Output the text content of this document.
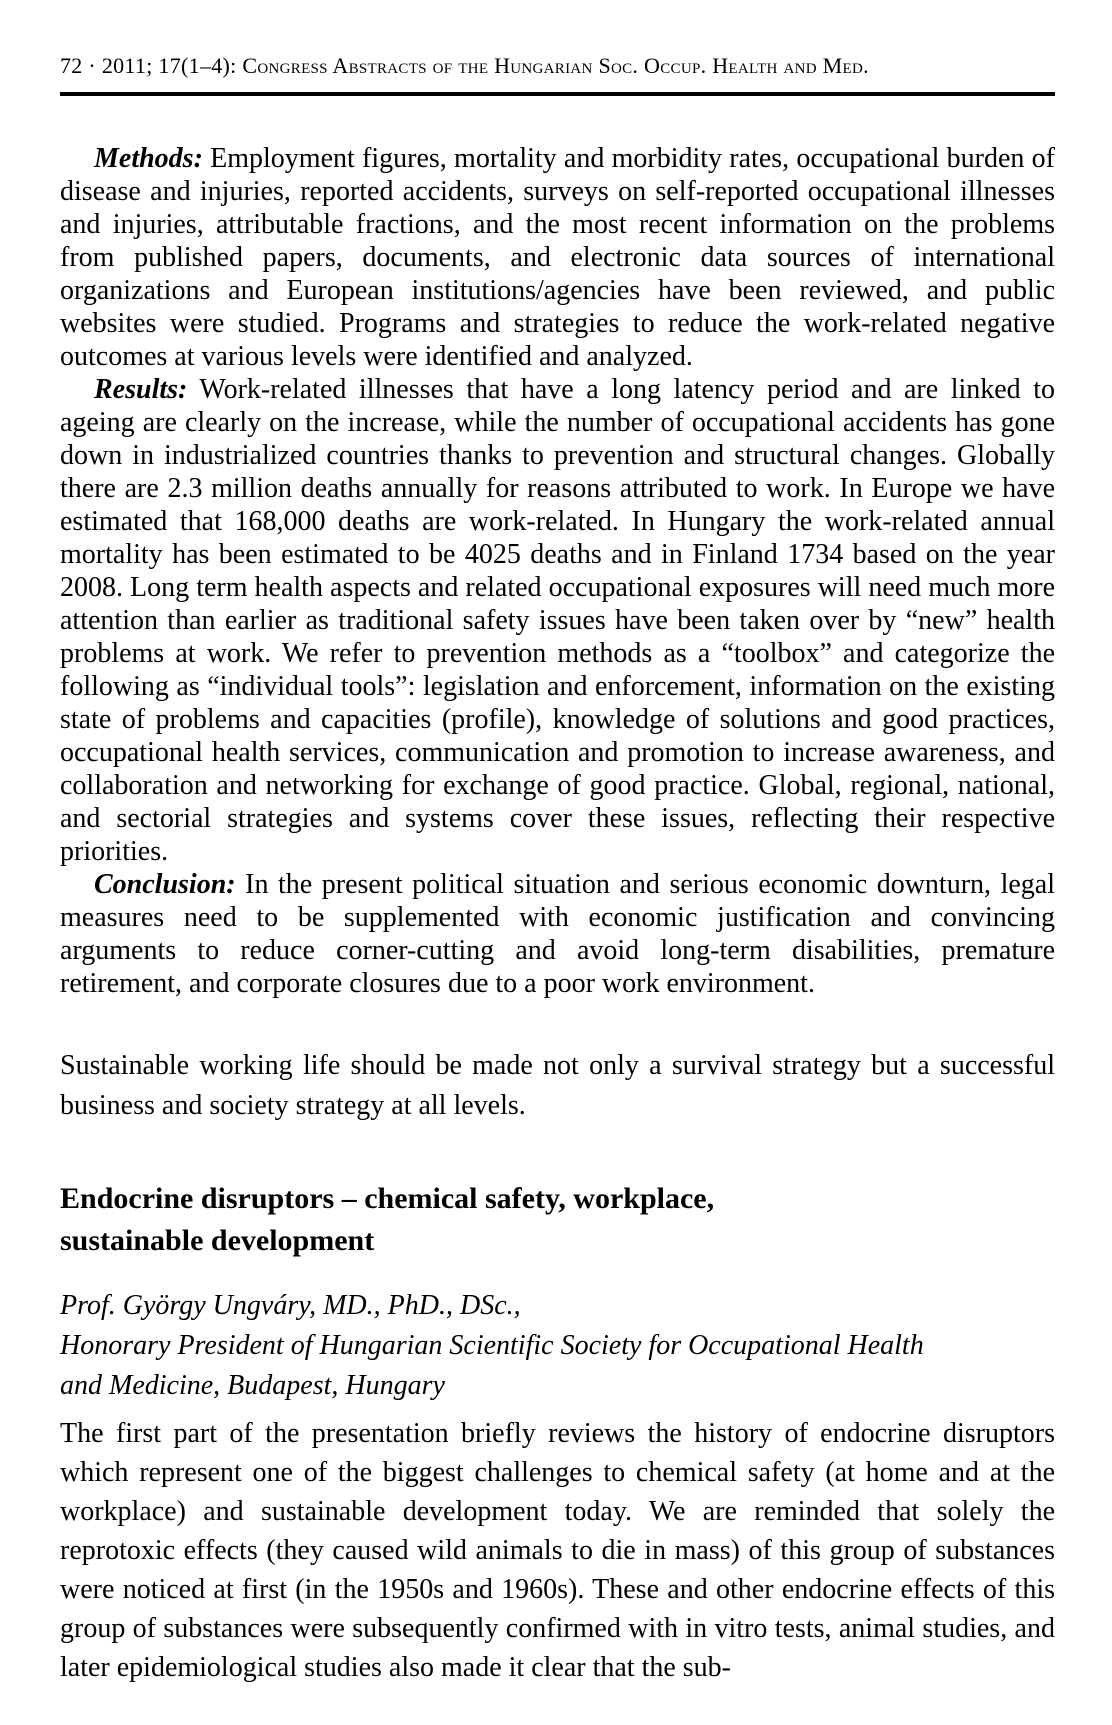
72 · 2011; 17(1–4): Congress Abstracts of the Hungarian Soc. Occup. Health and Med.

Methods: Employment figures, mortality and morbidity rates, occupational burden of disease and injuries, reported accidents, surveys on self-reported occupational illnesses and injuries, attributable fractions, and the most recent information on the problems from published papers, documents, and electronic data sources of international organizations and European institutions/agencies have been reviewed, and public websites were studied. Programs and strategies to reduce the work-related negative outcomes at various levels were identified and analyzed.

Results: Work-related illnesses that have a long latency period and are linked to ageing are clearly on the increase, while the number of occupational accidents has gone down in industrialized countries thanks to prevention and structural changes. Globally there are 2.3 million deaths annually for reasons attributed to work. In Europe we have estimated that 168,000 deaths are work-related. In Hungary the work-related annual mortality has been estimated to be 4025 deaths and in Finland 1734 based on the year 2008. Long term health aspects and related occupational exposures will need much more attention than earlier as traditional safety issues have been taken over by “new” health problems at work. We refer to prevention methods as a “toolbox” and categorize the following as “individual tools”: legislation and enforcement, information on the existing state of problems and capacities (profile), knowledge of solutions and good practices, occupational health services, communication and promotion to increase awareness, and collaboration and networking for exchange of good practice. Global, regional, national, and sectorial strategies and systems cover these issues, reflecting their respective priorities.

Conclusion: In the present political situation and serious economic downturn, legal measures need to be supplemented with economic justification and convincing arguments to reduce corner-cutting and avoid long-term disabilities, premature retirement, and corporate closures due to a poor work environment.

Sustainable working life should be made not only a survival strategy but a successful business and society strategy at all levels.

Endocrine disruptors – chemical safety, workplace,
sustainable development
Prof. György Ungváry, MD., PhD., DSc.,
Honorary President of Hungarian Scientific Society for Occupational Health
and Medicine, Budapest, Hungary

The first part of the presentation briefly reviews the history of endocrine disruptors which represent one of the biggest challenges to chemical safety (at home and at the workplace) and sustainable development today. We are reminded that solely the reprotoxic effects (they caused wild animals to die in mass) of this group of substances were noticed at first (in the 1950s and 1960s). These and other endocrine effects of this group of substances were subsequently confirmed with in vitro tests, animal studies, and later epidemiological studies also made it clear that the sub-
